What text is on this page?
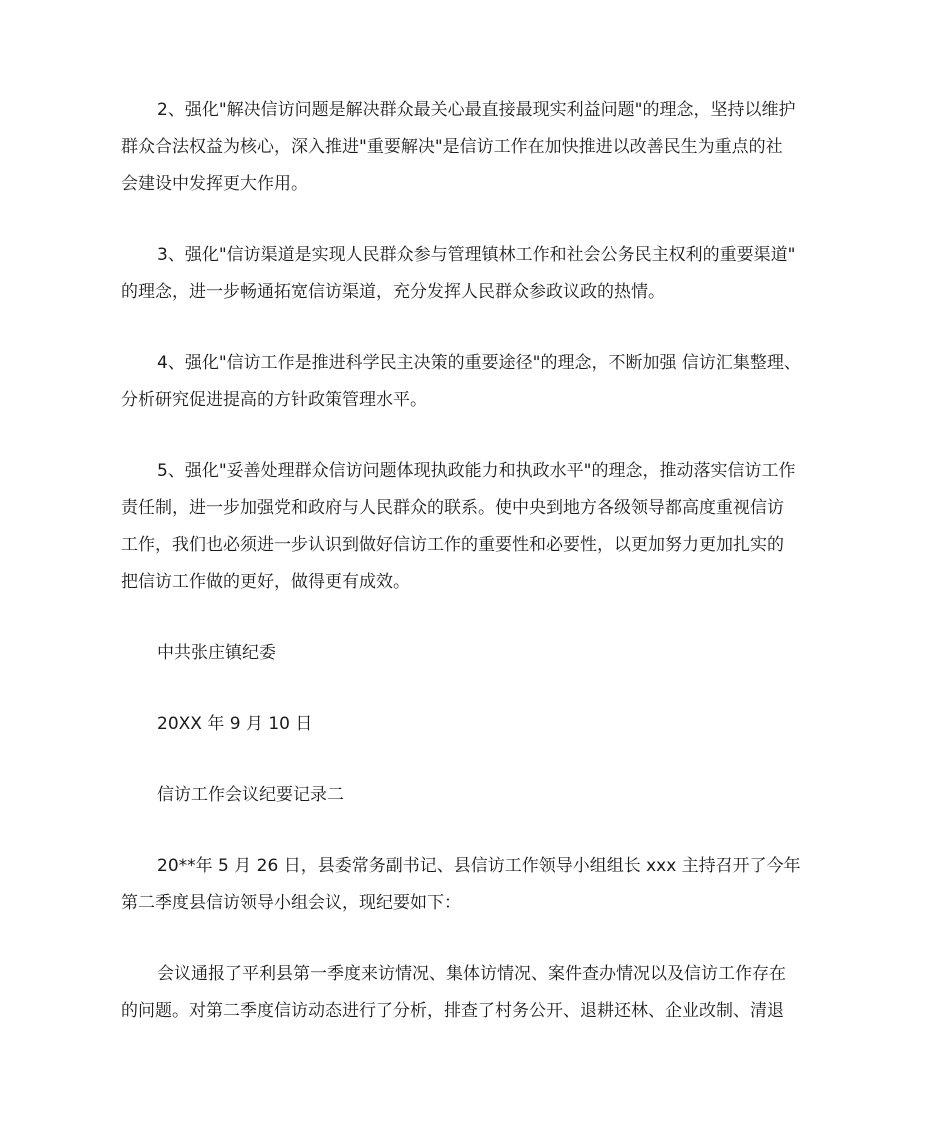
2、强化"解决信访问题是解决群众最关心最直接最现实利益问题"的理念，坚持以维护
群众合法权益为核心，深入推进"重要解决"是信访工作在加快推进以改善民生为重点的社
会建设中发挥更大作用。
3、强化"信访渠道是实现人民群众参与管理镇林工作和社会公务民主权利的重要渠道"
的理念，进一步畅通拓宽信访渠道，充分发挥人民群众参政议政的热情。
4、强化"信访工作是推进科学民主决策的重要途径"的理念，不断加强 信访汇集整理、
分析研究促进提高的方针政策管理水平。
5、强化"妥善处理群众信访问题体现执政能力和执政水平"的理念，推动落实信访工作
责任制，进一步加强党和政府与人民群众的联系。使中央到地方各级领导都高度重视信访
工作，我们也必须进一步认识到做好信访工作的重要性和必要性，以更加努力更加扎实的
把信访工作做的更好，做得更有成效。
中共张庄镇纪委
20XX 年 9 月 10 日
信访工作会议纪要记录二
20**年 5 月 26 日，县委常务副书记、县信访工作领导小组组长 xxx 主持召开了今年
第二季度县信访领导小组会议，现纪要如下：
会议通报了平利县第一季度来访情况、集体访情况、案件查办情况以及信访工作存在
的问题。对第二季度信访动态进行了分析，排查了村务公开、退耕还林、企业改制、清退
